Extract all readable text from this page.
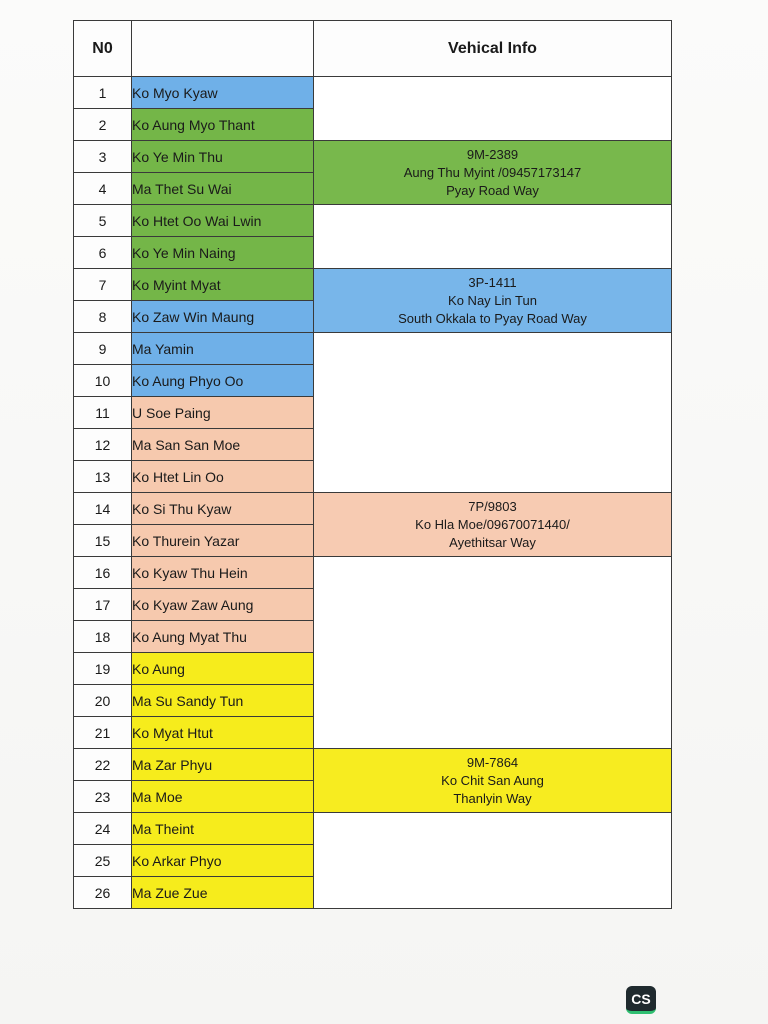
N0		Vehical Info
1	Ko Myo Kyaw	
2	Ko Aung Myo Thant	
3	Ko Ye Min Thu	9M-2389
Aung Thu Myint /09457173147
Pyay Road Way

4	Ma Thet Su Wai	
5	Ko Htet Oo Wai Lwin	
6	Ko Ye Min Naing	
7	Ko Myint Myat	3P-1411
Ko Nay Lin Tun
South Okkala to Pyay Road Way

8	Ko Zaw Win Maung	
9	Ma Yamin	
10	Ko Aung Phyo Oo	
11	U Soe Paing	
12	Ma San San Moe	
13	Ko Htet Lin Oo	
14	Ko Si Thu Kyaw	7P/9803
Ko Hla Moe/09670071440/
Ayethitsar Way

15	Ko Thurein Yazar	
16	Ko Kyaw Thu Hein	
17	Ko Kyaw Zaw Aung	
18	Ko Aung Myat Thu	
19	Ko Aung	
20	Ma Su Sandy Tun	
21	Ko Myat Htut	
22	Ma Zar Phyu	9M-7864
Ko Chit San Aung
Thanlyin Way

23	Ma Moe	
24	Ma Theint	
25	Ko Arkar Phyo	
26	Ma Zue Zue	
CS
